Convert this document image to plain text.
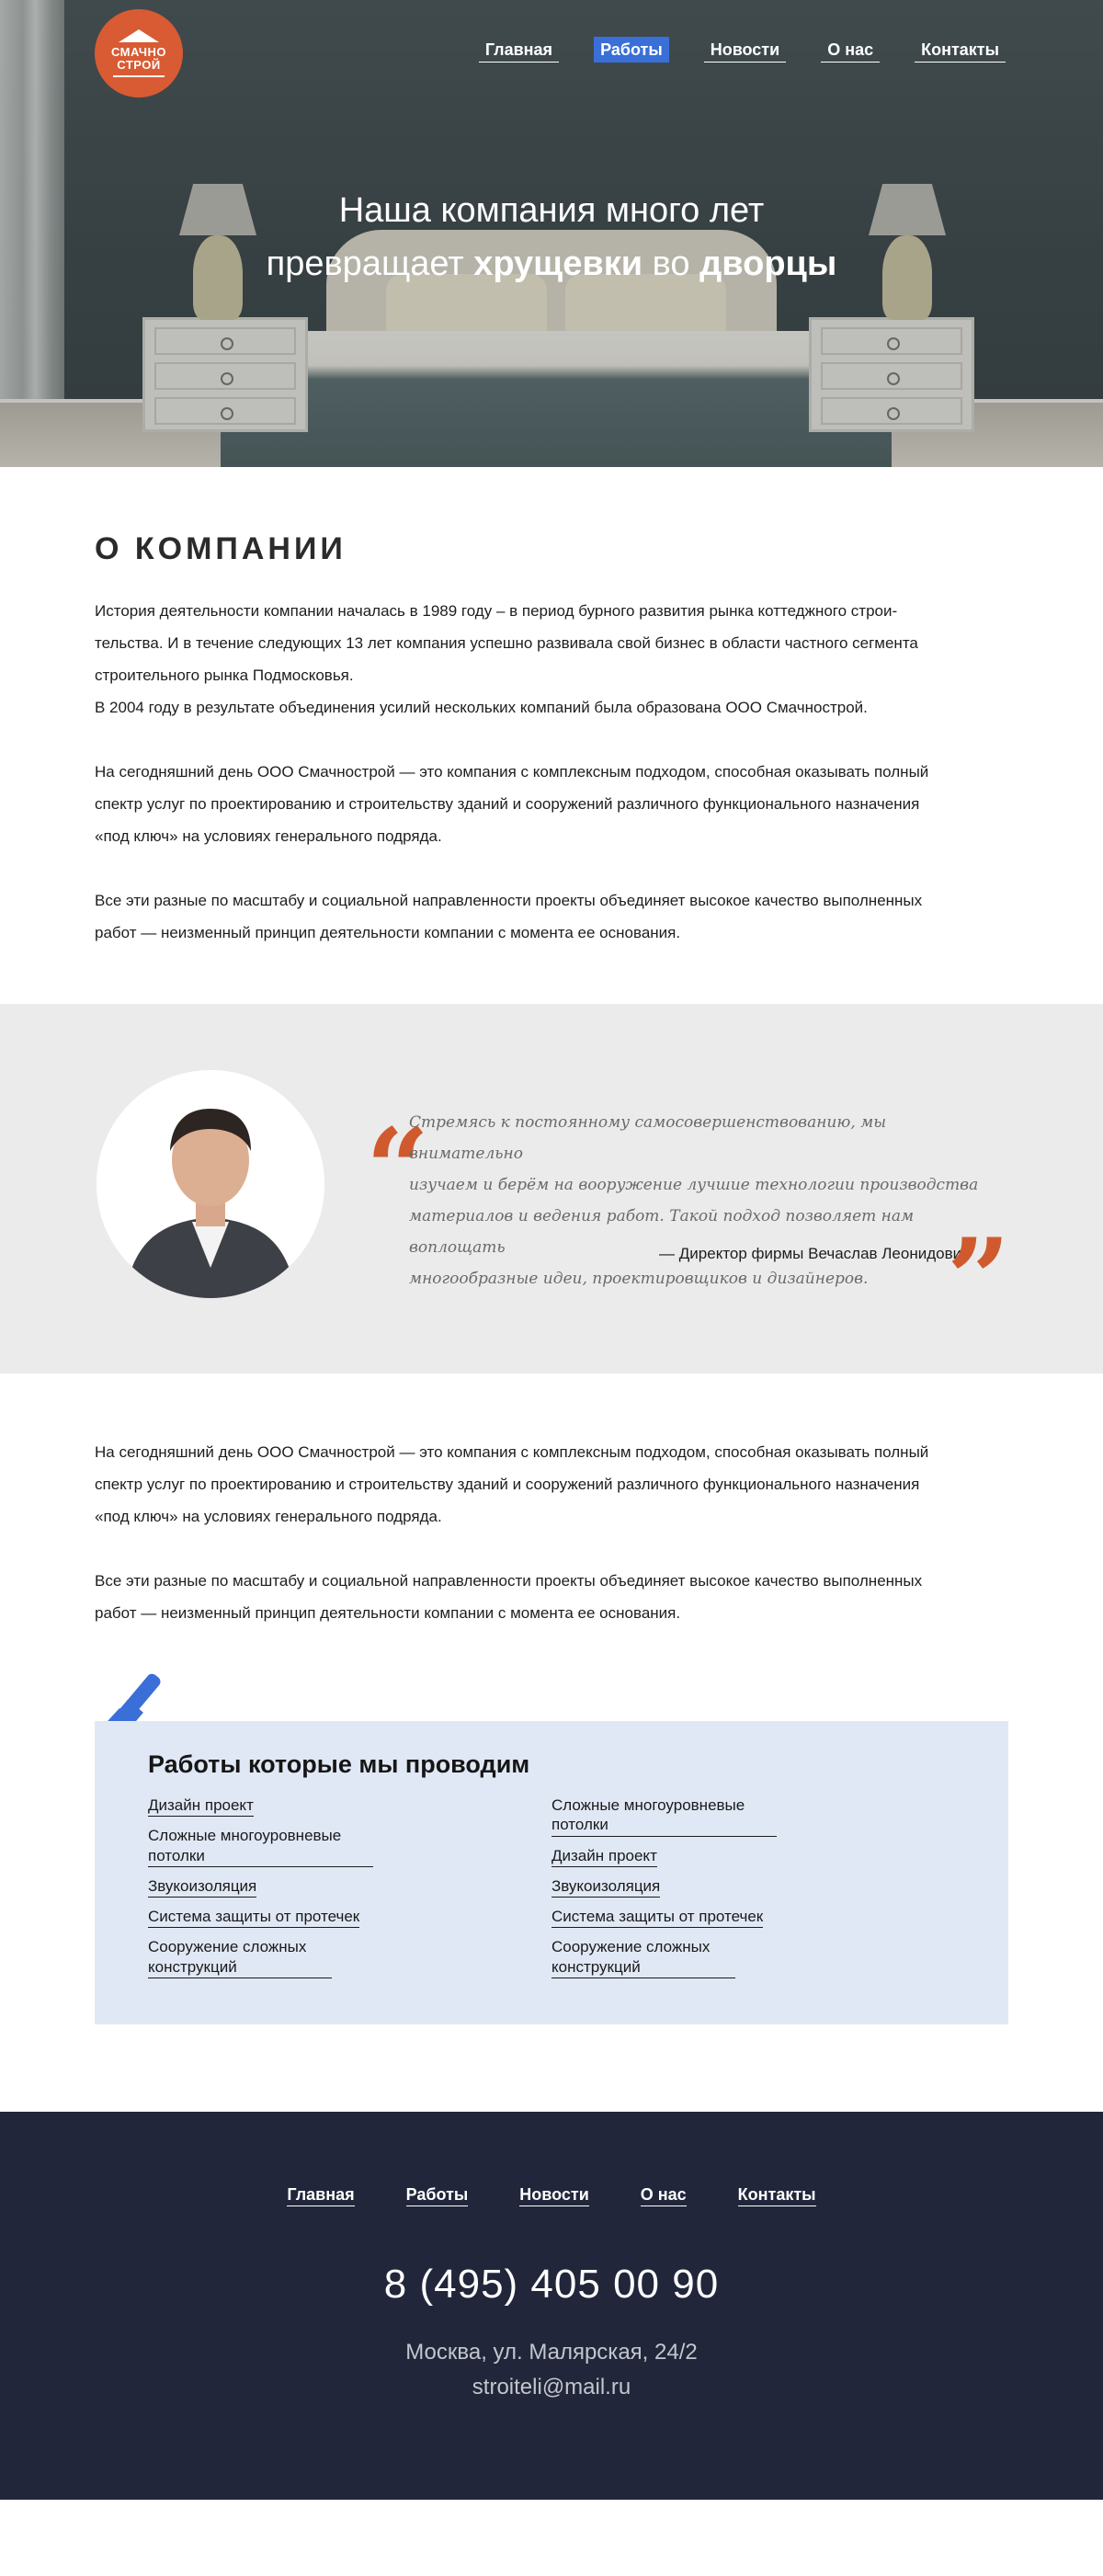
СМАЧНО
СТРОЙ
Главная	Работы	Новости	О нас	Контакты
Наша компания много лет
превращает хрущевки во дворцы
О КОМПАНИИ

История деятельности компании началась в 1989 году – в период бурного развития рынка коттеджного строи-

тельства. И в течение следующих 13 лет компания успешно развивала свой бизнес в области частного сегмента

строительного рынка Подмосковья.

В 2004 году в результате объединения усилий нескольких компаний была образована ООО Смачнострой.

На сегодняшний день ООО Смачнострой — это компания с комплексным подходом, способная оказывать полный

спектр услуг по проектированию и строительству зданий и сооружений различного функционального назначения

«под ключ» на условиях генерального подряда.

Все эти разные по масштабу и социальной направленности проекты объединяет высокое качество выполненных

работ — неизменный принцип деятельности компании с момента ее основания.

“
Стремясь к постоянному самосовершенствованию, мы внимательно
изучаем и берём на вооружение лучшие технологии производства
материалов и ведения работ. Такой подход позволяет нам воплощать
многообразные идеи, проектировщиков и дизайнеров.
— Директор фирмы Вечаслав Леонидович
”

На сегодняшний день ООО Смачнострой — это компания с комплексным подходом, способная оказывать полный

спектр услуг по проектированию и строительству зданий и сооружений различного функционального назначения

«под ключ» на условиях генерального подряда.

Все эти разные по масштабу и социальной направленности проекты объединяет высокое качество выполненных

работ — неизменный принцип деятельности компании с момента ее основания.

Работы которые мы проводим
Дизайн проект
Сложные многоуровневые потолки
Звукоизоляция
Система защиты от протечек
Сооружение сложных конструкций
Сложные многоуровневые потолки
Дизайн проект
Звукоизоляция
Система защиты от протечек
Сооружение сложных конструкций
Главная	Работы	Новости	О нас	Контакты
8 (495) 405 00 90
Москва, ул. Малярская, 24/2
stroiteli@mail.ru
